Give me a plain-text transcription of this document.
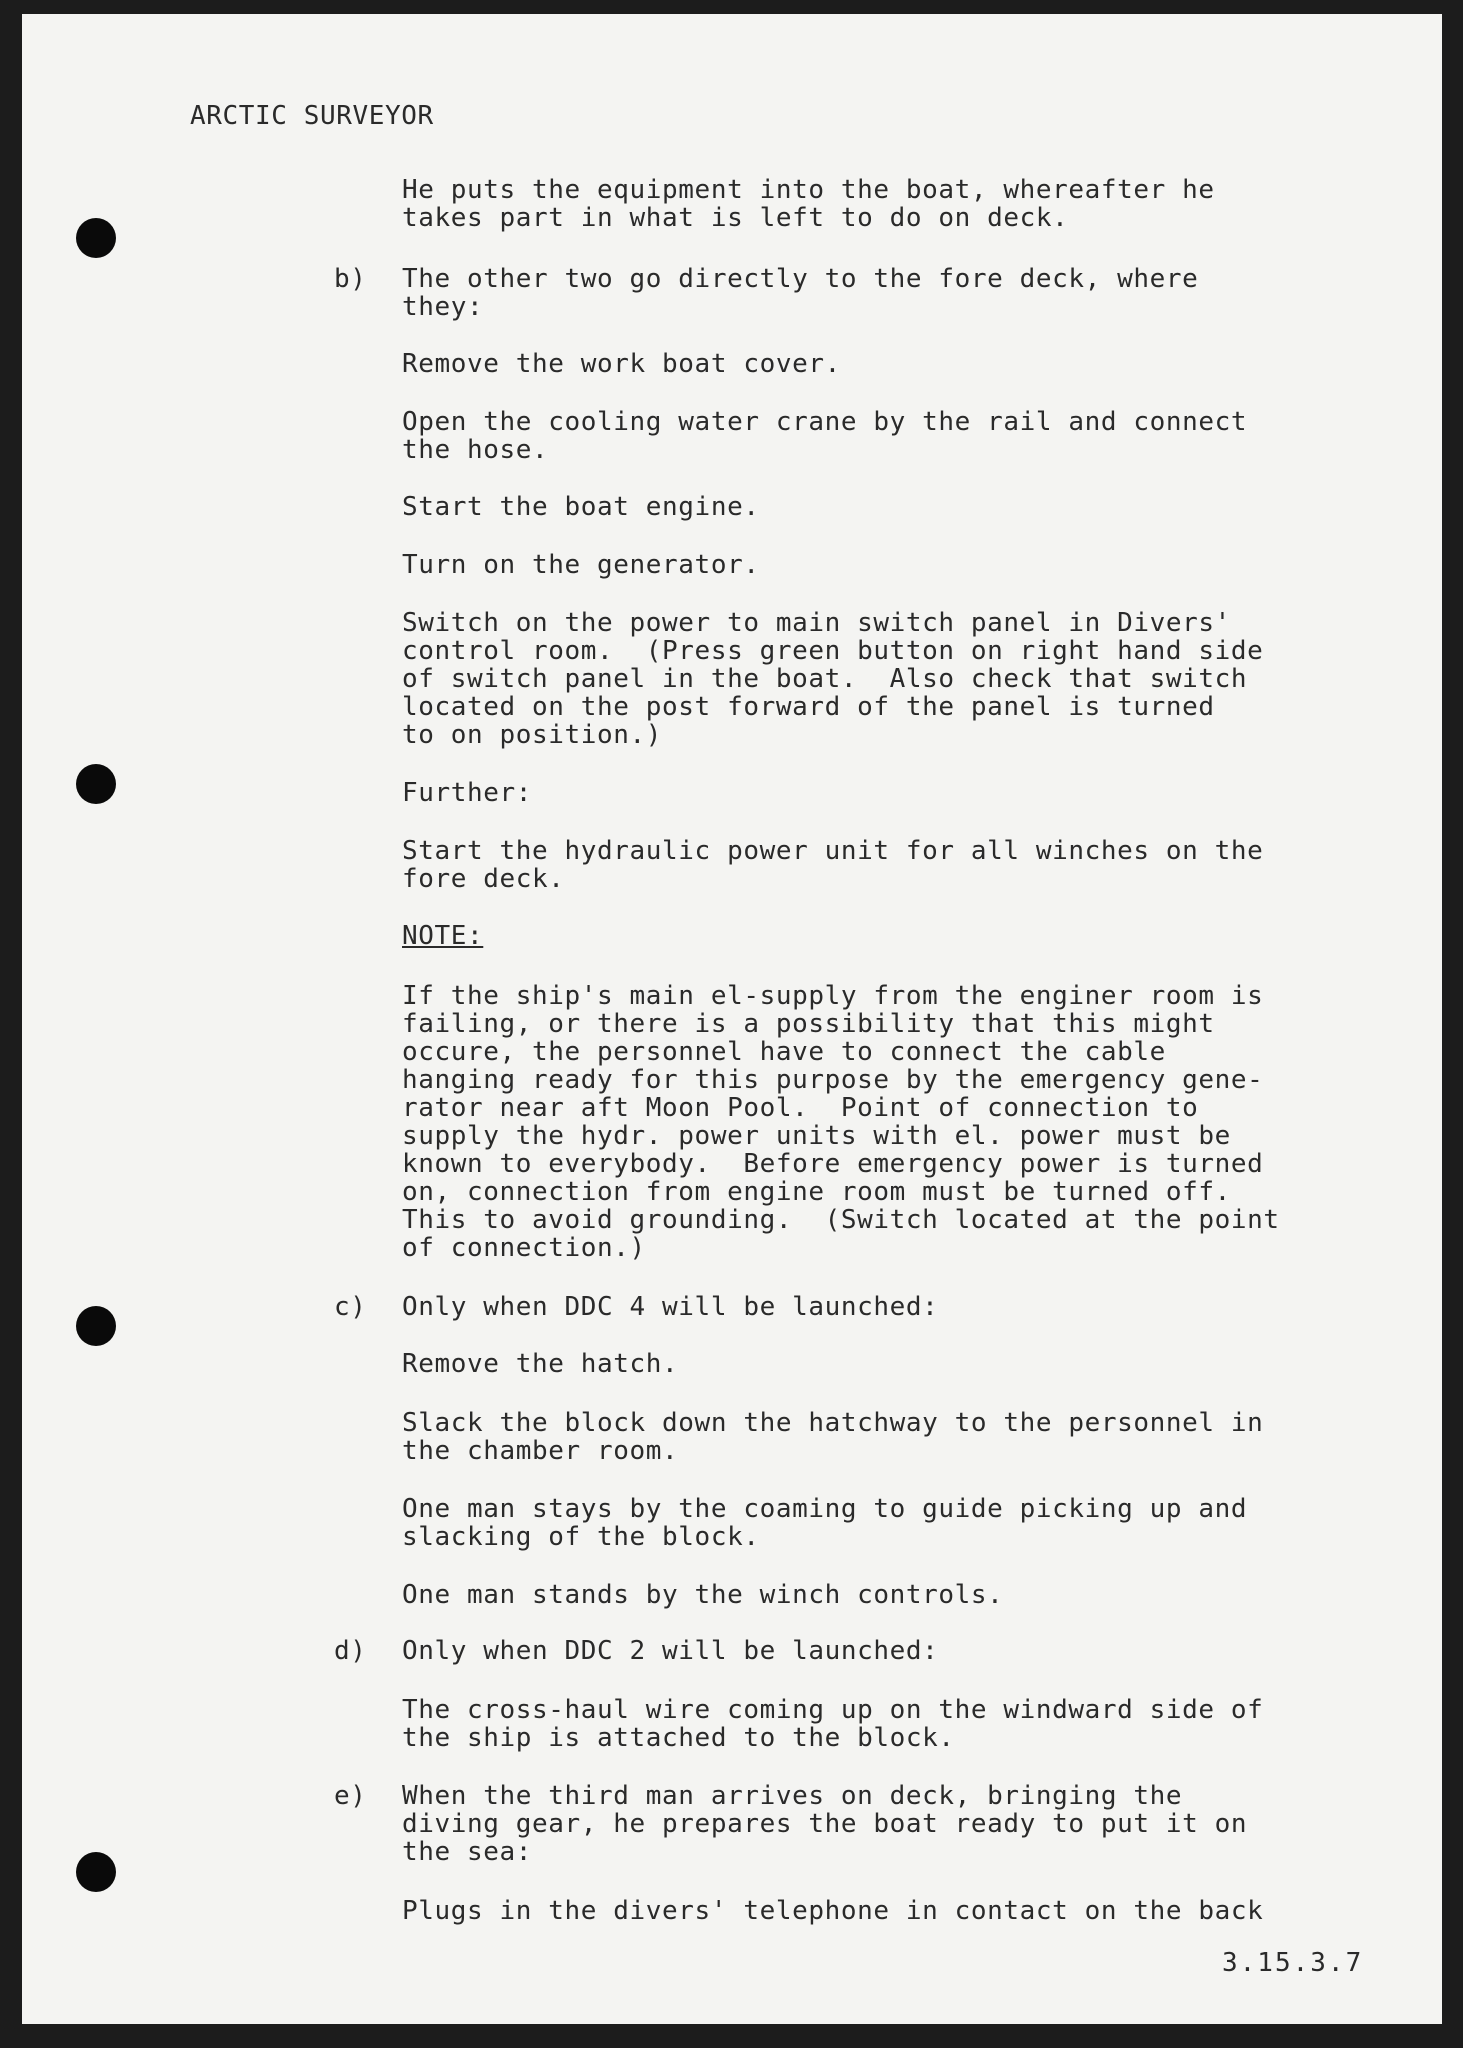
ARCTIC SURVEYOR
He puts the equipment into the boat, whereafter he
takes part in what is left to do on deck.
b) The other two go directly to the fore deck, where
they:
Remove the work boat cover.
Open the cooling water crane by the rail and connect
the hose.
Start the boat engine.
Turn on the generator.
Switch on the power to main switch panel in Divers'
control room.  (Press green button on right hand side
of switch panel in the boat.  Also check that switch
located on the post forward of the panel is turned
to on position.)
Further:
Start the hydraulic power unit for all winches on the
fore deck.
NOTE:
If the ship's main el-supply from the enginer room is
failing, or there is a possibility that this might
occure, the personnel have to connect the cable
hanging ready for this purpose by the emergency gene-
rator near aft Moon Pool.  Point of connection to
supply the hydr. power units with el. power must be
known to everybody.  Before emergency power is turned
on, connection from engine room must be turned off.
This to avoid grounding.  (Switch located at the point
of connection.)
c) Only when DDC 4 will be launched:
Remove the hatch.
Slack the block down the hatchway to the personnel in
the chamber room.
One man stays by the coaming to guide picking up and
slacking of the block.
One man stands by the winch controls.
d) Only when DDC 2 will be launched:
The cross-haul wire coming up on the windward side of
the ship is attached to the block.
e) When the third man arrives on deck, bringing the
diving gear, he prepares the boat ready to put it on
the sea:
Plugs in the divers' telephone in contact on the back
3.15.3.7
